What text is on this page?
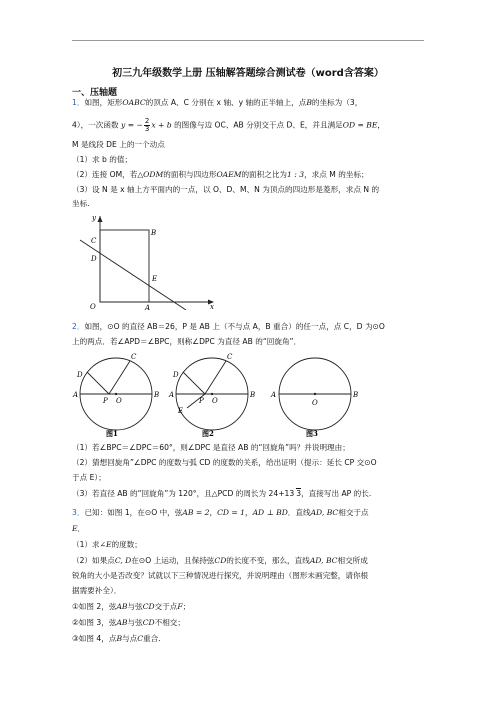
初三九年级数学上册 压轴解答题综合测试卷（word含答案）
一、压轴题
1．如图，矩形OABC的顶点 A、C 分别在 x 轴、y 轴的正半轴上，点B的坐标为（3，
4），一次函数 y = − $\frac{2}{3}$ x + b 的图像与边 OC、AB 分别交于点 D、E，并且满足OD = BE，
M 是线段 DE 上的一个动点
（1）求 b 的值；
（2）连接 OM，若△ODM的面积与四边形OAEM的面积之比为1 : 3，求点 M 的坐标；
（3）设 N 是 x 轴上方平面内的一点，以 O、D、M、N 为顶点的四边形是菱形，求点 N 的
坐标.
y
x
C
B
D
E
O	A
2．如图，⊙O 的直径 AB＝26，P 是 AB 上（不与点 A，B 重合）的任一点，点 C，D 为⊙O
上的两点．若∠APD＝∠BPC，则称∠DPC 为直径 AB 的“回旋角”．
C
D
A
P O
B
图1
C
D
A
P O
B
E
图2
A
O
B
图3
（1）若∠BPC＝∠DPC＝60°，则∠DPC 是直径 AB 的“回旋角”吗？并说明理由；
（2）猜想回旋角”∠DPC 的度数与弧 CD 的度数的关系，给出证明（提示：延长 CP 交⊙O
于点 E）；
（3）若直径 AB 的“回旋角”为 120°，且△PCD 的周长为 24+13 3，直接写出 AP 的长.
3．已知：如图 1，在⊙O 中，弦AB = 2，CD = 1，AD ⊥ BD．直线AD, BC相交于点
E．
（1）求∠E的度数；
（2）如果点C, D在⊙O 上运动，且保持弦CD的长度不变，那么，直线AD, BC相交所成
锐角的大小是否改变？试就以下三种情况进行探究，并说明理由（图形未画完整，请你根
据需要补全）．
①如图 2，弦AB与弦CD交于点F；
②如图 3，弦AB与弦CD不相交；
③如图 4，点B与点C重合.
